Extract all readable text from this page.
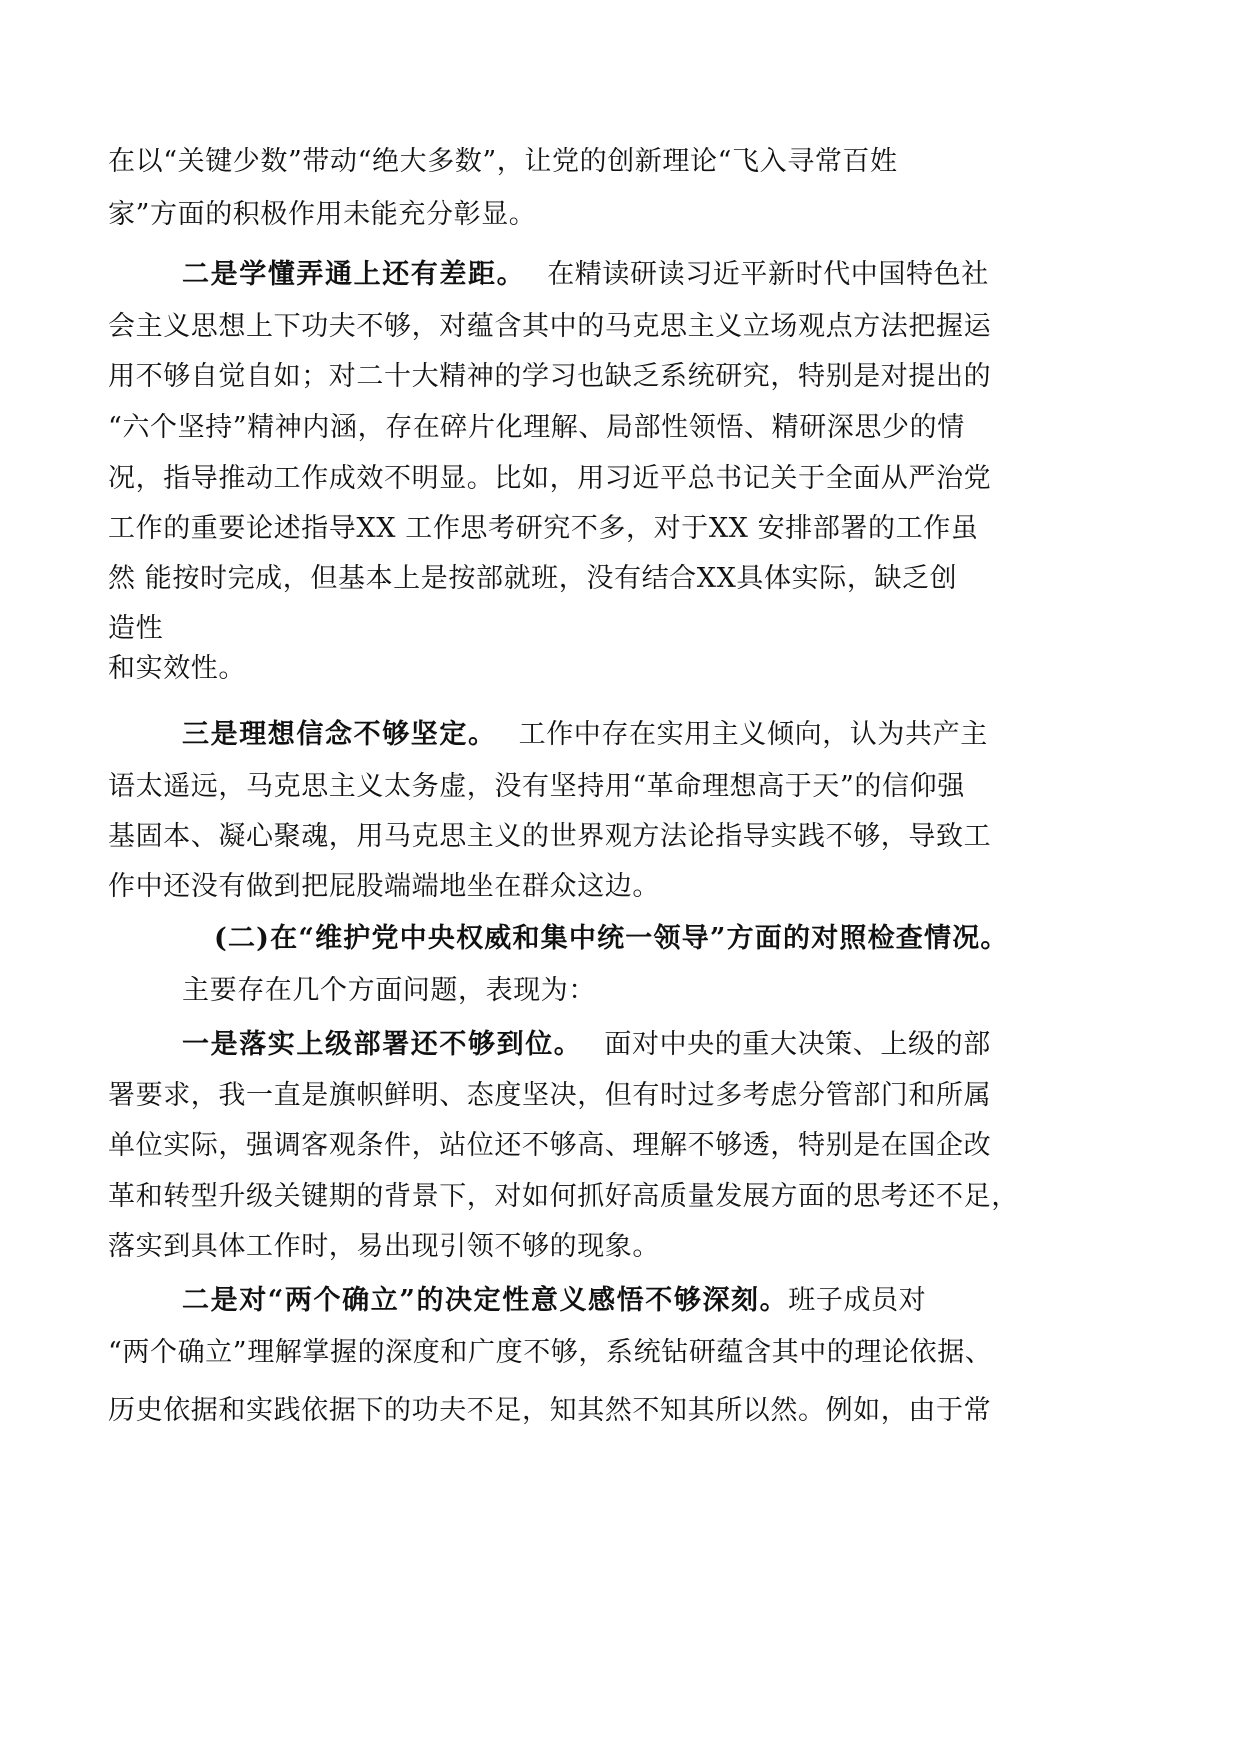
在以“关键少数”带动“绝大多数”，让党的创新理论“飞入寻常百姓

家”方面的积极作用未能充分彰显。

二是学懂弄通上还有差距。 在精读研读习近平新时代中国特色社

会主义思想上下功夫不够，对蕴含其中的马克思主义立场观点方法把握运

用不够自觉自如；对二十大精神的学习也缺乏系统研究，特别是对提出的

“六个坚持”精神内涵，存在碎片化理解、局部性领悟、精研深思少的情

况，指导推动工作成效不明显。比如，用习近平总书记关于全面从严治党

工作的重要论述指导XX 工作思考研究不多，对于XX 安排部署的工作虽

然 能按时完成，但基本上是按部就班，没有结合XX具体实际，缺乏创

造性

和实效性。

三是理想信念不够坚定。 工作中存在实用主义倾向，认为共产主

语太遥远，马克思主义太务虚，没有坚持用“革命理想高于天”的信仰强

基固本、凝心聚魂，用马克思主义的世界观方法论指导实践不够，导致工

作中还没有做到把屁股端端地坐在群众这边。

(二)在“维护党中央权威和集中统一领导”方面的对照检查情况。

主要存在几个方面问题，表现为：

一是落实上级部署还不够到位。 面对中央的重大决策、上级的部

署要求，我一直是旗帜鲜明、态度坚决，但有时过多考虑分管部门和所属

单位实际，强调客观条件，站位还不够高、理解不够透，特别是在国企改

革和转型升级关键期的背景下，对如何抓好高质量发展方面的思考还不足，

落实到具体工作时，易出现引领不够的现象。

二是对“两个确立”的决定性意义感悟不够深刻。班子成员对

“两个确立”理解掌握的深度和广度不够，系统钻研蕴含其中的理论依据、

历史依据和实践依据下的功夫不足，知其然不知其所以然。例如，由于常
